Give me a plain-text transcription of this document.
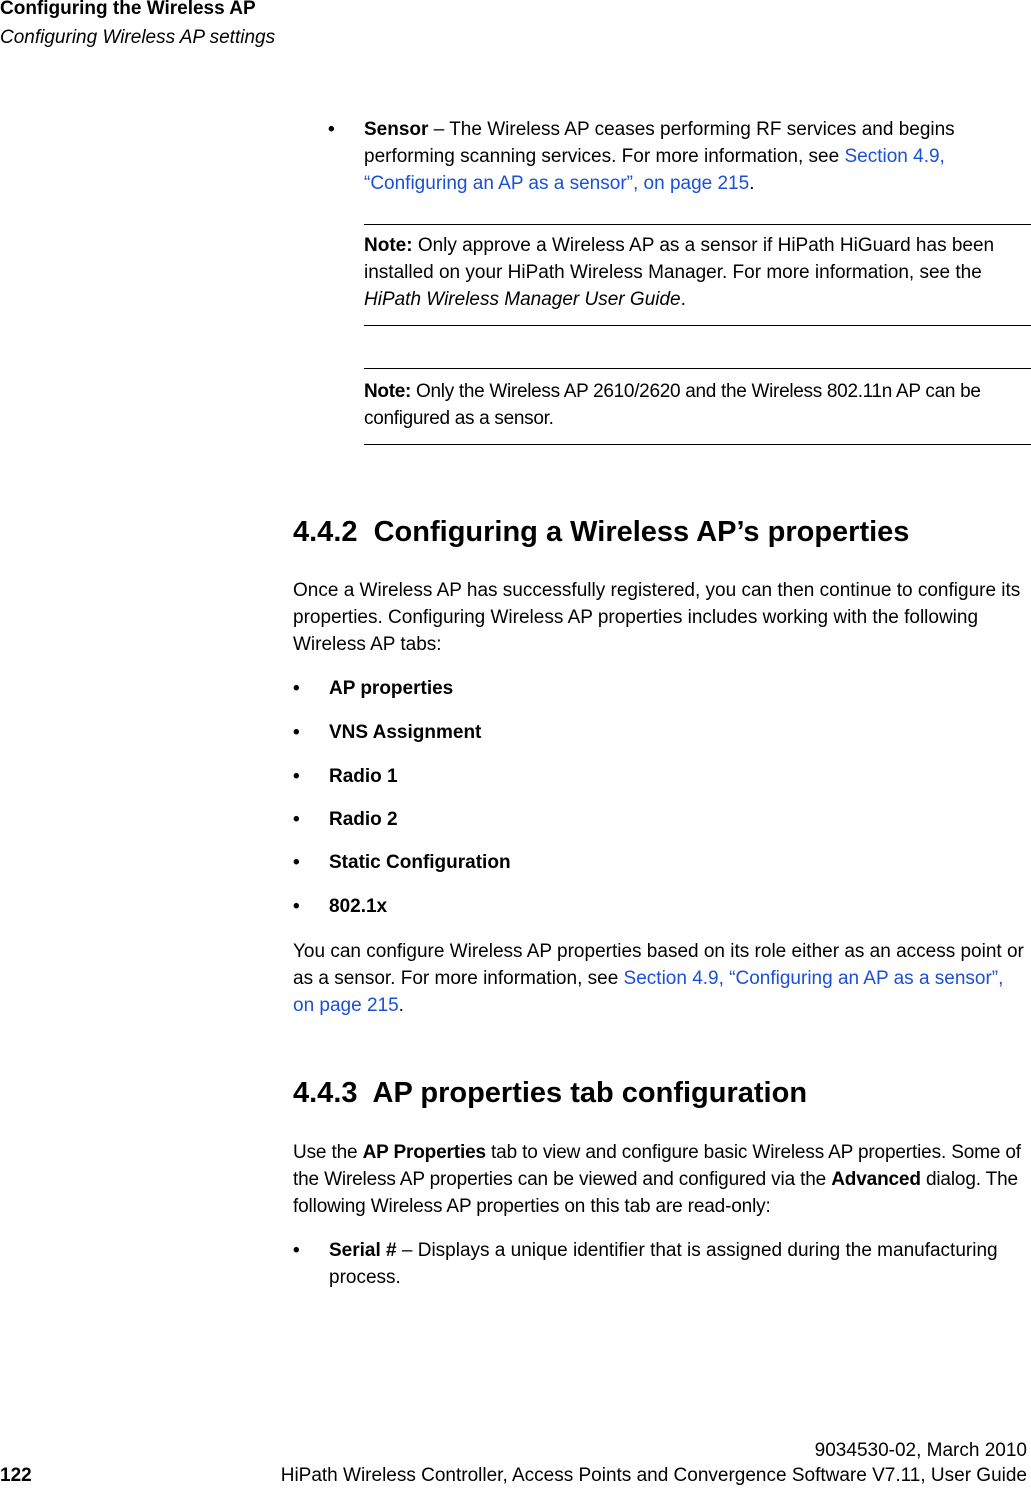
Configuring the Wireless AP
Configuring Wireless AP settings
• Sensor – The Wireless AP ceases performing RF services and begins performing scanning services. For more information, see Section 4.9, “Configuring an AP as a sensor”, on page 215.
Note: Only approve a Wireless AP as a sensor if HiPath HiGuard has been installed on your HiPath Wireless Manager. For more information, see the HiPath Wireless Manager User Guide.
Note: Only the Wireless AP 2610/2620 and the Wireless 802.11n AP can be configured as a sensor.
4.4.2  Configuring a Wireless AP’s properties
Once a Wireless AP has successfully registered, you can then continue to configure its properties. Configuring Wireless AP properties includes working with the following Wireless AP tabs:
• AP properties
• VNS Assignment
• Radio 1
• Radio 2
• Static Configuration
• 802.1x
You can configure Wireless AP properties based on its role either as an access point or as a sensor. For more information, see Section 4.9, “Configuring an AP as a sensor”, on page 215.
4.4.3  AP properties tab configuration
Use the AP Properties tab to view and configure basic Wireless AP properties. Some of the Wireless AP properties can be viewed and configured via the Advanced dialog. The following Wireless AP properties on this tab are read-only:
• Serial # – Displays a unique identifier that is assigned during the manufacturing process.
9034530-02, March 2010
122	HiPath Wireless Controller, Access Points and Convergence Software V7.11, User Guide
